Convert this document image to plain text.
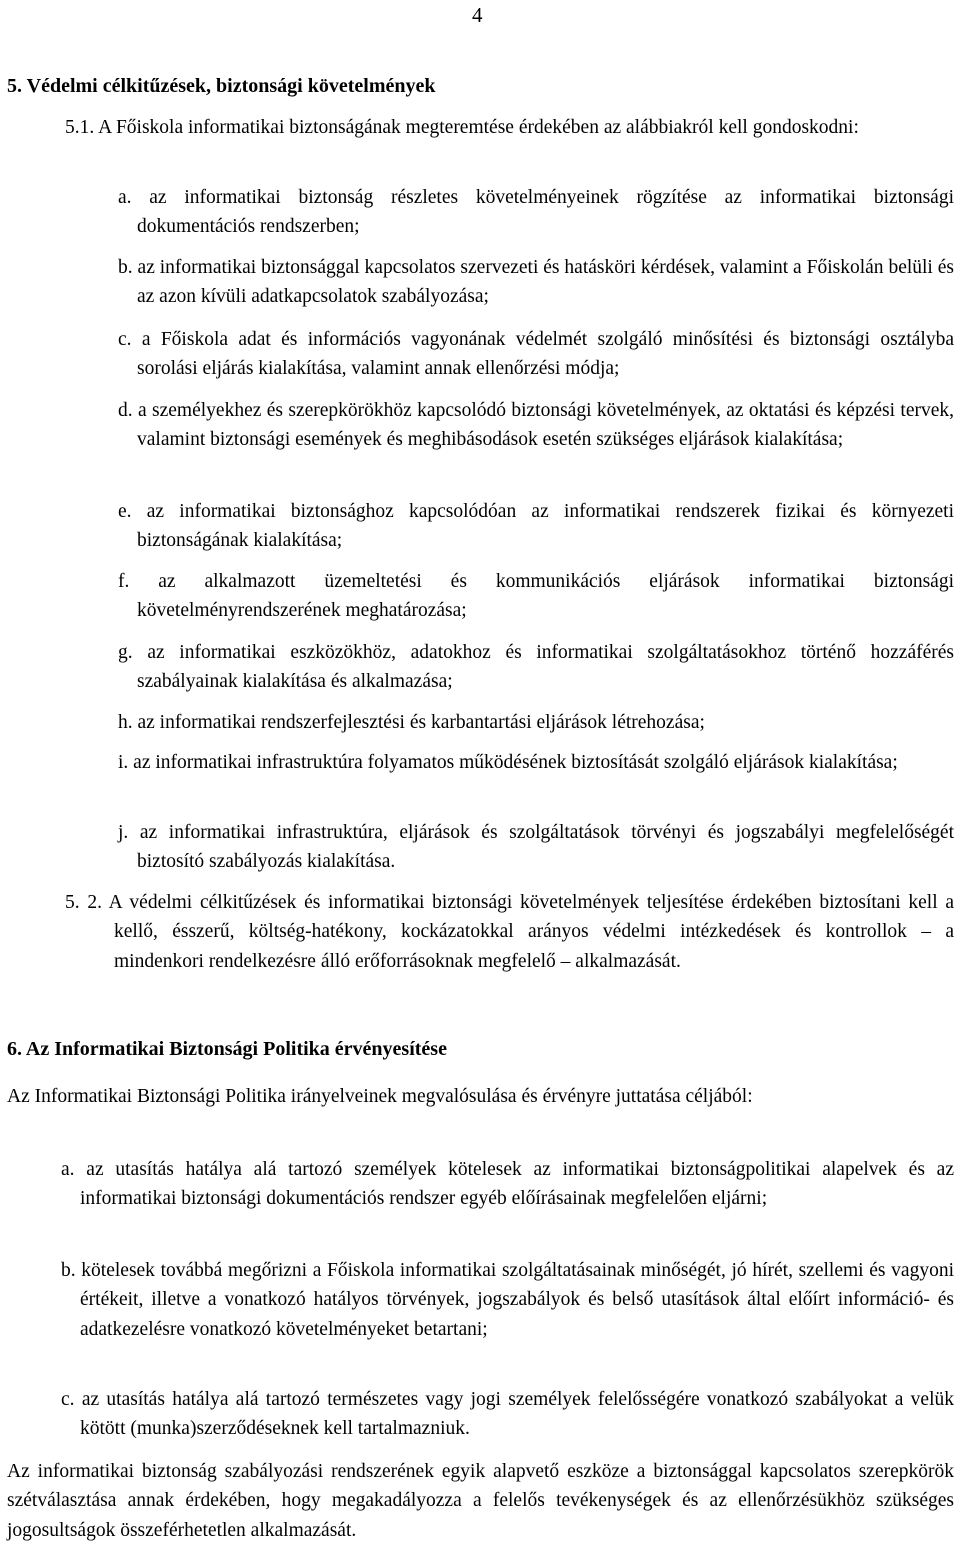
4
5. Védelmi célkitűzések, biztonsági követelmények
5.1. A Főiskola informatikai biztonságának megteremtése érdekében az alábbiakról kell gondoskodni:
a. az informatikai biztonság részletes követelményeinek rögzítése az informatikai biztonsági dokumentációs rendszerben;
b. az informatikai biztonsággal kapcsolatos szervezeti és hatásköri kérdések, valamint a Főiskolán belüli és az azon kívüli adatkapcsolatok szabályozása;
c. a Főiskola adat és információs vagyonának védelmét szolgáló minősítési és biztonsági osztályba sorolási eljárás kialakítása, valamint annak ellenőrzési módja;
d. a személyekhez és szerepkörökhöz kapcsolódó biztonsági követelmények, az oktatási és képzési tervek, valamint biztonsági események és meghibásodások esetén szükséges eljárások kialakítása;
e. az informatikai biztonsághoz kapcsolódóan az informatikai rendszerek fizikai és környezeti biztonságának kialakítása;
f. az alkalmazott üzemeltetési és kommunikációs eljárások informatikai biztonsági követelményrendszerének meghatározása;
g. az informatikai eszközökhöz, adatokhoz és informatikai szolgáltatásokhoz történő hozzáférés szabályainak kialakítása és alkalmazása;
h. az informatikai rendszerfejlesztési és karbantartási eljárások létrehozása;
i. az informatikai infrastruktúra folyamatos működésének biztosítását szolgáló eljárások kialakítása;
j. az informatikai infrastruktúra, eljárások és szolgáltatások törvényi és jogszabályi megfelelőségét biztosító szabályozás kialakítása.
5. 2. A védelmi célkitűzések és informatikai biztonsági követelmények teljesítése érdekében biztosítani kell a kellő, ésszerű, költség-hatékony, kockázatokkal arányos védelmi intézkedések és kontrollok – a mindenkori rendelkezésre álló erőforrásoknak megfelelő – alkalmazását.
6. Az Informatikai Biztonsági Politika érvényesítése
Az Informatikai Biztonsági Politika irányelveinek megvalósulása és érvényre juttatása céljából:
a. az utasítás hatálya alá tartozó személyek kötelesek az informatikai biztonságpolitikai alapelvek és az informatikai biztonsági dokumentációs rendszer egyéb előírásainak megfelelően eljárni;
b. kötelesek továbbá megőrizni a Főiskola informatikai szolgáltatásainak minőségét, jó hírét, szellemi és vagyoni értékeit, illetve a vonatkozó hatályos törvények, jogszabályok és belső utasítások által előírt információ- és adatkezelésre vonatkozó követelményeket betartani;
c. az utasítás hatálya alá tartozó természetes vagy jogi személyek felelősségére vonatkozó szabályokat a velük kötött (munka)szerződéseknek kell tartalmazniuk.
Az informatikai biztonság szabályozási rendszerének egyik alapvető eszköze a biztonsággal kapcsolatos szerepkörök szétválasztása annak érdekében, hogy megakadályozza a felelős tevékenységek és az ellenőrzésükhöz szükséges jogosultságok összeférhetetlen alkalmazását.
